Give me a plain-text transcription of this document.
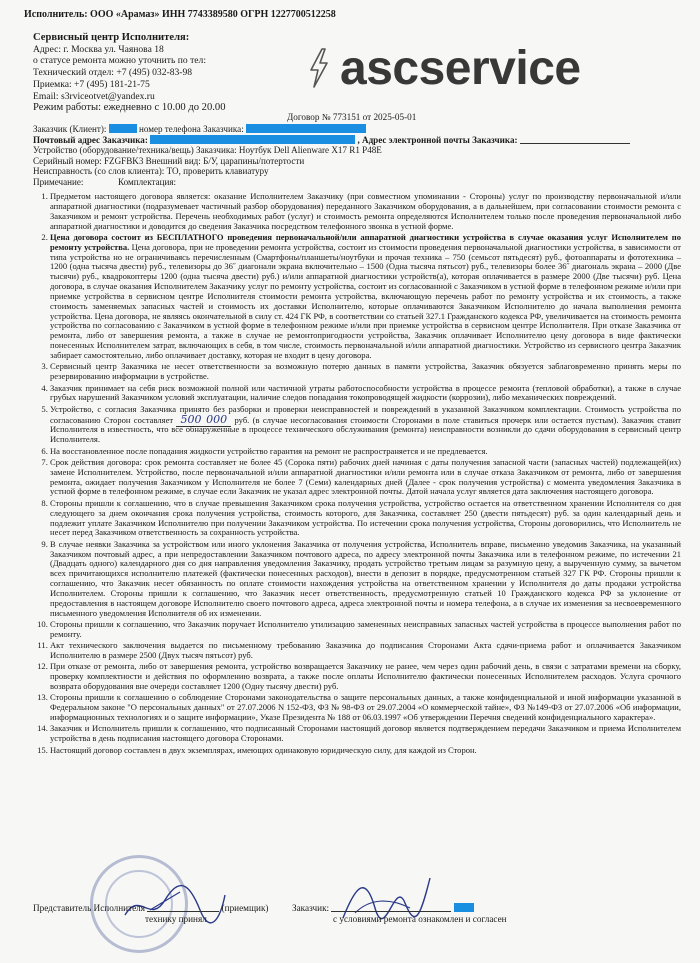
Исполнитель: ООО «Арамаз» ИНН 7743389580 ОГРН 1227700512258
Сервисный центр Исполнителя:
Адрес: г. Москва ул. Чаянова 18
о статусе ремонта можно уточнить по тел:
Технический отдел: +7 (495) 032-83-98
Приемка: +7 (495) 181-21-75
Email: s3rviceotvet@yandex.ru
Режим работы: ежедневно с 10.00 до 20.00
ascservice
Договор № 773151 от 2025-05-01
Заказчик (Клиент):	номер телефона Заказчика:
Почтовый адрес Заказчика:	, Адрес электронной почты Заказчика:
Устройство (оборудование/техника/вещь) Заказчика: Ноутбук Dell Alienware X17 R1 P48E
Серийный номер: FZGFBK3 Внешний вид: Б/У, царапины/потертости
Неисправность (со слов клиента): ТО, проверить клавиатуру
Примечание:	Комплектация:
1. Предметом настоящего договора является: оказание Исполнителем Заказчику (при совместном упоминании - Стороны) услуг по производству первоначальной и/или аппаратной диагностики (подразумевает частичный разбор оборудования) переданного Заказчиком оборудования, а в дальнейшем, при согласовании стоимости ремонта с Заказчиком и ремонт устройства. Перечень необходимых работ (услуг) и стоимость ремонта определяются Исполнителем только после проведения первоначальной либо аппаратной диагностики и доводится до сведения Заказчика посредством телефонного звонка в устной форме.
2. Цена договора состоит из БЕСПЛАТНОГО проведения первоначальной/или аппаратной диагностики устройства в случае оказания услуг Исполнителем по ремонту устройства. Цена договора, при не проведении ремонта устройства, состоит из стоимости проведения первоначальной диагностики устройства, в зависимости от типа устройства но не ограничиваясь перечисленным (Смартфоны/планшеты/ноутбуки и прочая техника – 750 (семьсот пятьдесят) руб., фотоаппараты и фототехника – 1200 (одна тысяча двести) руб., телевизоры до 36˝ диагонали экрана включительно – 1500 (Одна тысяча пятьсот) руб., телевизоры более 36˝ диагональ экрана – 2000 (Две тысячи) руб., квадрокоптеры 1200 (одна тысяча двести) руб.) и/или аппаратной диагностики устройств(а), которая оплачивается в размере 2000 (Две тысячи) руб. Цена договора, в случае оказания Исполнителем Заказчику услуг по ремонту устройства, состоит из согласованной с Заказчиком в устной форме в телефонном режиме и/или при приемке устройства в сервисном центре Исполнителя стоимости ремонта устройства, включающую перечень работ по ремонту устройства и их стоимость, а также стоимость заменяемых запасных частей и стоимость их доставки Исполнителю, которые оплачиваются Заказчиком Исполнителю до начала выполнения ремонта устройства. Цена договора, не являясь окончательной в силу ст. 424 ГК РФ, в соответствии со статьей 327.1 Гражданского кодекса РФ, увеличивается на стоимость ремонта устройства по согласованию с Заказчиком в устной форме в телефонном режиме и/или при приемке устройства в сервисном центре Исполнителя. При отказе Заказчика от ремонта, либо от завершения ремонта, а также в случае не ремонтопригодности устройства, Заказчик оплачивает Исполнителю цену договора в виде фактически понесенных Исполнителем затрат, включающих в себя, в том числе, стоимость первоначальной и/или аппаратной диагностики. Устройство из сервисного центра Заказчик забирает самостоятельно, либо оплачивает доставку, которая не входит в цену договора.
3. Сервисный центр Заказчика не несет ответственности за возможную потерю данных в памяти устройства, Заказчик обязуется заблаговременно принять меры по резервированию информации в устройстве.
4. Заказчик принимает на себя риск возможной полной или частичной утраты работоспособности устройства в процессе ремонта (тепловой обработки), а также в случае грубых нарушений Заказчиком условий эксплуатации, наличие следов попадания токопроводящей жидкости (коррозии), либо механических повреждений.
5. Устройство, с согласия Заказчика принято без разборки и проверки неисправностей и повреждений в указанной Заказчиком комплектации. Стоимость устройства по согласованию Сторон составляет 500 000 руб. (в случае несогласования стоимости Сторонами в поле ставиться прочерк или остается пустым). Заказчик ставит Исполнителя в известность, что все обнаруженные в процессе технического обслуживания (ремонта) неисправности возникли до сдачи оборудования в сервисный центр Исполнителя.
6. На восстановленное после попадания жидкости устройство гарантия на ремонт не распространяется и не предлевается.
7. Срок действия договора: срок ремонта составляет не более 45 (Сорока пяти) рабочих дней начиная с даты получения запасной части (запасных частей) подлежащей(их) замене Исполнителем. Устройство, после первоначальной и/или аппаратной диагностики и/или ремонта или в случае отказа Заказчиком от ремонта, либо от завершения ремонта, ожидает получения Заказчиком у Исполнителя не более 7 (Семи) календарных дней (Далее - срок получения устройства) с момента уведомления Заказчика в устной форме в телефонном режиме, в случае если Заказчик не указал адрес электронной почты. Датой начала услуг является дата заключения настоящего договора.
8. Стороны пришли к соглашению, что в случае превышения Заказчиком срока получения устройства, устройство остается на ответственном хранении Исполнителя со дня следующего за днем окончания срока получения устройства, стоимость которого, для Заказчика, составляет 250 (двести пятьдесят) руб. за один календарный день и подлежит уплате Заказчиком Исполнителю при получении Заказчиком устройства. По истечении срока получения устройства, Стороны договорились, что Исполнитель не несет перед Заказчиком ответственность за сохранность устройства.
9. В случае неявки Заказчика за устройством или иного уклонения Заказчика от получения устройства, Исполнитель вправе, письменно уведомив Заказчика, на указанный Заказчиком почтовый адрес, а при непредоставлении Заказчиком почтового адреса, по адресу электронной почты Заказчика или в телефонном режиме, по истечении 21 (Двадцать одного) календарного дня со дня направления уведомления Заказчику, продать устройство третьим лицам за разумную цену, а вырученную сумму, за вычетом всех причитающихся исполнителю платежей (фактически понесенных расходов), внести в депозит в порядке, предусмотренном статьей 327 ГК РФ. Стороны пришли к соглашению, что Заказчик несет обязанность по оплате стоимости нахождения устройства на ответственном хранении у Исполнителя до даты продажи устройства Исполнителем. Стороны пришли к соглашению, что Заказчик несет ответственность, предусмотренную статьей 10 Гражданского кодекса РФ за уклонение от предоставления в настоящем договоре Исполнителю своего почтового адреса, адреса электронной почты и номера телефона, а в случае их изменения за несвоевременного письменного уведомления Исполнителя об их изменении.
10. Стороны пришли к соглашению, что Заказчик поручает Исполнителю утилизацию замененных неисправных запасных частей устройства в процессе выполнения работ по ремонту.
11. Акт технического заключения выдается по письменному требованию Заказчика до подписания Сторонами Акта сдачи-приема работ и оплачивается Заказчиком Исполнителю в размере 2500 (Двух тысяч пятьсот) руб.
12. При отказе от ремонта, либо от завершения ремонта, устройство возвращается Заказчику не ранее, чем через один рабочий день, в связи с затратами времени на сборку, проверку комплектности и действия по оформлению возврата, а также после оплаты Исполнителю фактически понесенных Исполнителем расходов. Услуга срочного возврата оборудования вне очереди составляет 1200 (Одну тысячу двести) руб.
13. Стороны пришли к соглашению о соблюдение Сторонами законодательства о защите персональных данных, а также конфиденциальной и иной информации указанной в Федеральном законе "О персональных данных" от 27.07.2006 N 152-ФЗ, ФЗ № 98-ФЗ от 29.07.2004 «О коммерческой тайне», ФЗ №149-ФЗ от 27.07.2006 «Об информации, информационных технологиях и о защите информации», Указе Президента № 188 от 06.03.1997 «Об утверждении Перечня сведений конфиденциального характера».
14. Заказчик и Исполнитель пришли к соглашению, что подписанный Сторонами настоящий договор является подтверждением передачи Заказчиком и приема Исполнителем устройства в день подписания настоящего договора Сторонами.
15. Настоящий договор составлен в двух экземплярах, имеющих одинаковую юридическую силу, для каждой из Сторон.
Представитель Исполнителя	(приемщик)
технику принял
Заказчик:
с условиями ремонта ознакомлен и согласен
